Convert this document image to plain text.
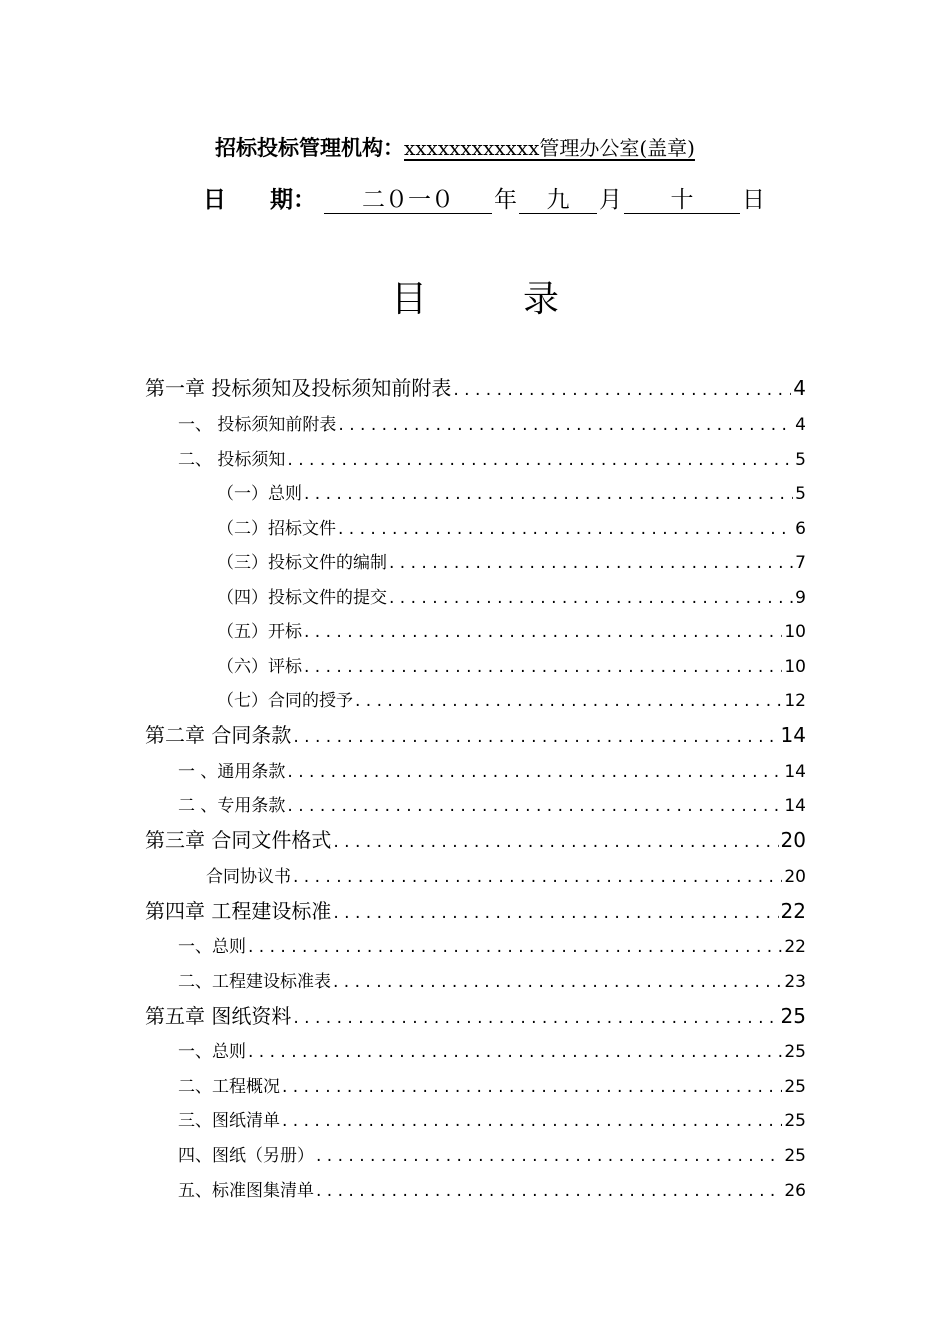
招标投标管理机构：xxxxxxxxxxxx管理办公室(盖章)
日 期： 二０一０ 年 九 月 十 日
目	录
第一章 投标须知及投标须知前附表 . . .	4
一、 投标须知前附表 . . .	4
二、 投标须知 . . .	5
（一）总则 . . .	5
（二）招标文件 . . .	6
（三）投标文件的编制 . . .	7
（四）投标文件的提交 . . .	9
（五）开标 . . .	10
（六）评标 . . .	10
（七）合同的授予 . . .	12
第二章 合同条款 . . .	14
一 、通用条款 . . .	14
二 、专用条款 . . .	14
第三章 合同文件格式 . . .	20
合同协议书 . . .	20
第四章 工程建设标准 . . .	22
一、总则 . . .	22
二、工程建设标准表 . . .	23
第五章 图纸资料 . . .	25
一、总则 . . .	25
二、工程概况 . . .	25
三、图纸清单 . . .	25
四、图纸（另册） . . .	25
五、标准图集清单 . . .	26
